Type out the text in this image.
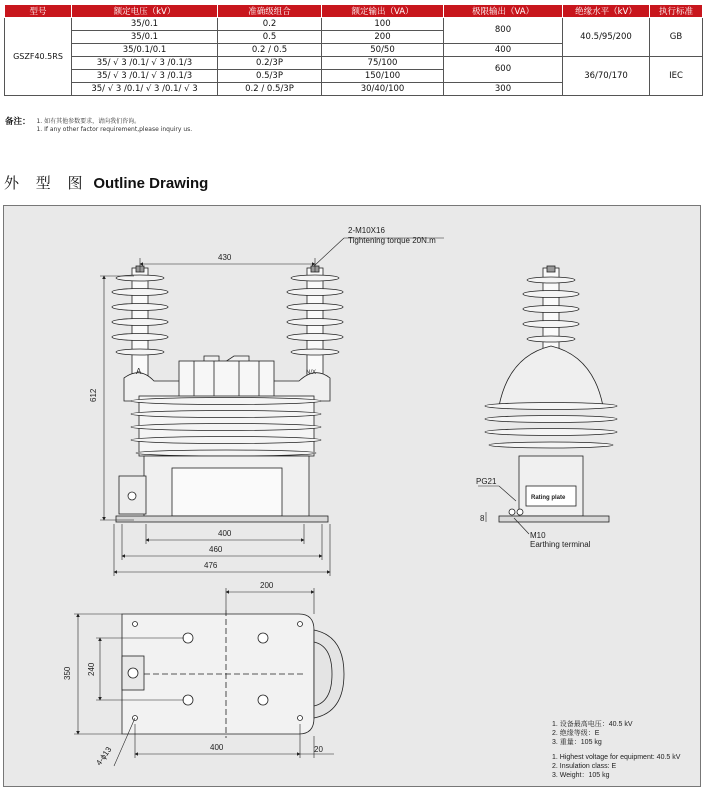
型号	额定电压（kV）	准确级组合	额定输出（VA）	极限输出（VA）	绝缘水平（kV）	执行标准
GSZF40.5RS	35/0.1	0.2	100	800	40.5/95/200	GB
	35/0.1	0.5	200			
	35/0.1/0.1	0.2 / 0.5	50/50	400		
	35/ √ 3 /0.1/ √ 3 /0.1/3	0.2/3P	75/100	600	36/70/170	IEC
	35/ √ 3 /0.1/ √ 3 /0.1/3	0.5/3P	150/100			
	35/ √ 3 /0.1/ √ 3 /0.1/ √ 3	0.2 / 0.5/3P	30/40/100	300		
备注： 1. 如有其他参数要求，请向我们咨询。
1. If any other factor requirement,please inquiry us.
外 型 图 Outline Drawing
A	N/X
430
612
400
460
476
2-M10X16
Tightening torque 20N.m
Rating plate
PG21
8
M10
Earthing terminal
200
350 240
400	20
4-ϕ13
1. 设备最高电压：40.5 kV
2. 绝缘等级：E
3. 重量：105 kg
1. Highest voltage for equipment: 40.5 kV
2. Insulation class: E
3. Weight：105 kg
